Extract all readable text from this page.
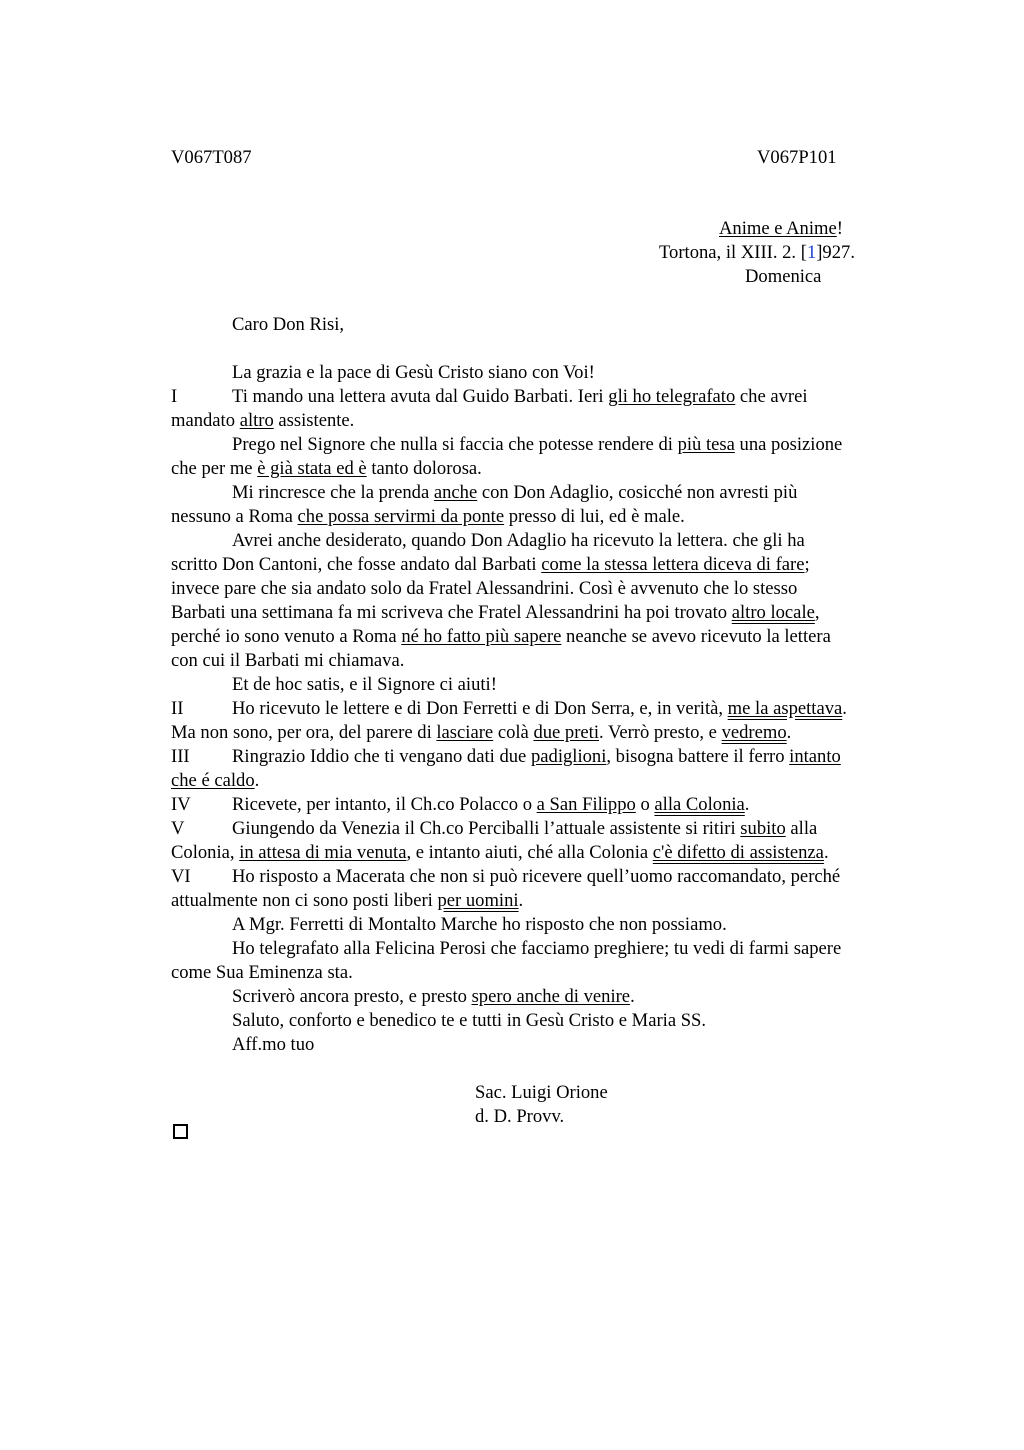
V067T087	V067P101
Anime e Anime!
Tortona, il XIII. 2. [1]927.
Domenica
Caro Don Risi,
La grazia e la pace di Gesù Cristo siano con Voi!
I	Ti mando una lettera avuta dal Guido Barbati. Ieri gli ho telegrafato che avrei
mandato altro assistente.
Prego nel Signore che nulla si faccia che potesse rendere di più tesa una posizione
che per me è già stata ed è tanto dolorosa.
Mi rincresce che la prenda anche con Don Adaglio, cosicché non avresti più
nessuno a Roma che possa servirmi da ponte presso di lui, ed è male.
Avrei anche desiderato, quando Don Adaglio ha ricevuto la lettera. che gli ha
scritto Don Cantoni, che fosse andato dal Barbati come la stessa lettera diceva di fare;
invece pare che sia andato solo da Fratel Alessandrini. Così è avvenuto che lo stesso
Barbati una settimana fa mi scriveva che Fratel Alessandrini ha poi trovato altro locale,
perché io sono venuto a Roma né ho fatto più sapere neanche se avevo ricevuto la lettera
con cui il Barbati mi chiamava.
Et de hoc satis, e il Signore ci aiuti!
II	Ho ricevuto le lettere e di Don Ferretti e di Don Serra, e, in verità, me la aspettava.
Ma non sono, per ora, del parere di lasciare colà due preti. Verrò presto, e vedremo.
III Ringrazio Iddio che ti vengano dati due padiglioni, bisogna battere il ferro intanto
che é caldo.
IV Ricevete, per intanto, il Ch.co Polacco o a San Filippo o alla Colonia.
V	Giungendo da Venezia il Ch.co Perciballi l’attuale assistente si ritiri subito alla
Colonia, in attesa di mia venuta, e intanto aiuti, ché alla Colonia c'è difetto di assistenza.
VI Ho risposto a Macerata che non si può ricevere quell’uomo raccomandato, perché
attualmente non ci sono posti liberi per uomini.
A Mgr. Ferretti di Montalto Marche ho risposto che non possiamo.
Ho telegrafato alla Felicina Perosi che facciamo preghiere; tu vedi di farmi sapere
come Sua Eminenza sta.
Scriverò ancora presto, e presto spero anche di venire.
Saluto, conforto e benedico te e tutti in Gesù Cristo e Maria SS.
Aff.mo tuo
Sac. Luigi Orione
d. D. Provv.
